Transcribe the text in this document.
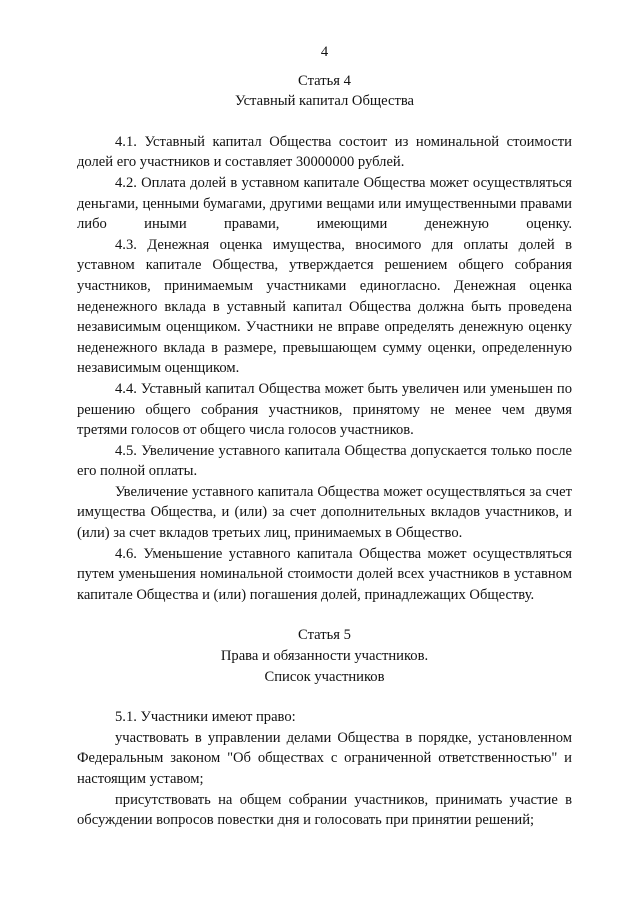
4
Статья 4
Уставный капитал Общества

4.1. Уставный капитал Общества состоит из номинальной стоимости долей его участников и составляет 30000000 рублей.

4.2. Оплата долей в уставном капитале Общества может осуществляться деньгами, ценными бумагами, другими вещами или имущественными правами либо иными правами, имеющими денежную оценку.

4.3. Денежная оценка имущества, вносимого для оплаты долей в уставном капитале Общества, утверждается решением общего собрания участников, принимаемым участниками единогласно. Денежная оценка неденежного вклада в уставный капитал Общества должна быть проведена независимым оценщиком. Участники не вправе определять денежную оценку неденежного вклада в размере, превышающем сумму оценки, определенную независимым оценщиком.

4.4. Уставный капитал Общества может быть увеличен или уменьшен по решению общего собрания участников, принятому не менее чем двумя третями голосов от общего числа голосов участников.

4.5. Увеличение уставного капитала Общества допускается только после его полной оплаты.

Увеличение уставного капитала Общества может осуществляться за счет имущества Общества, и (или) за счет дополнительных вкладов участников, и (или) за счет вкладов третьих лиц, принимаемых в Общество.

4.6. Уменьшение уставного капитала Общества может осуществляться путем уменьшения номинальной стоимости долей всех участников в уставном капитале Общества и (или) погашения долей, принадлежащих Обществу.

Статья 5
Права и обязанности участников.
Список участников

5.1. Участники имеют право:

участвовать в управлении делами Общества в порядке, установленном Федеральным законом "Об обществах с ограниченной ответственностью" и настоящим уставом;

присутствовать на общем собрании участников, принимать участие в обсуждении вопросов повестки дня и голосовать при принятии решений;
